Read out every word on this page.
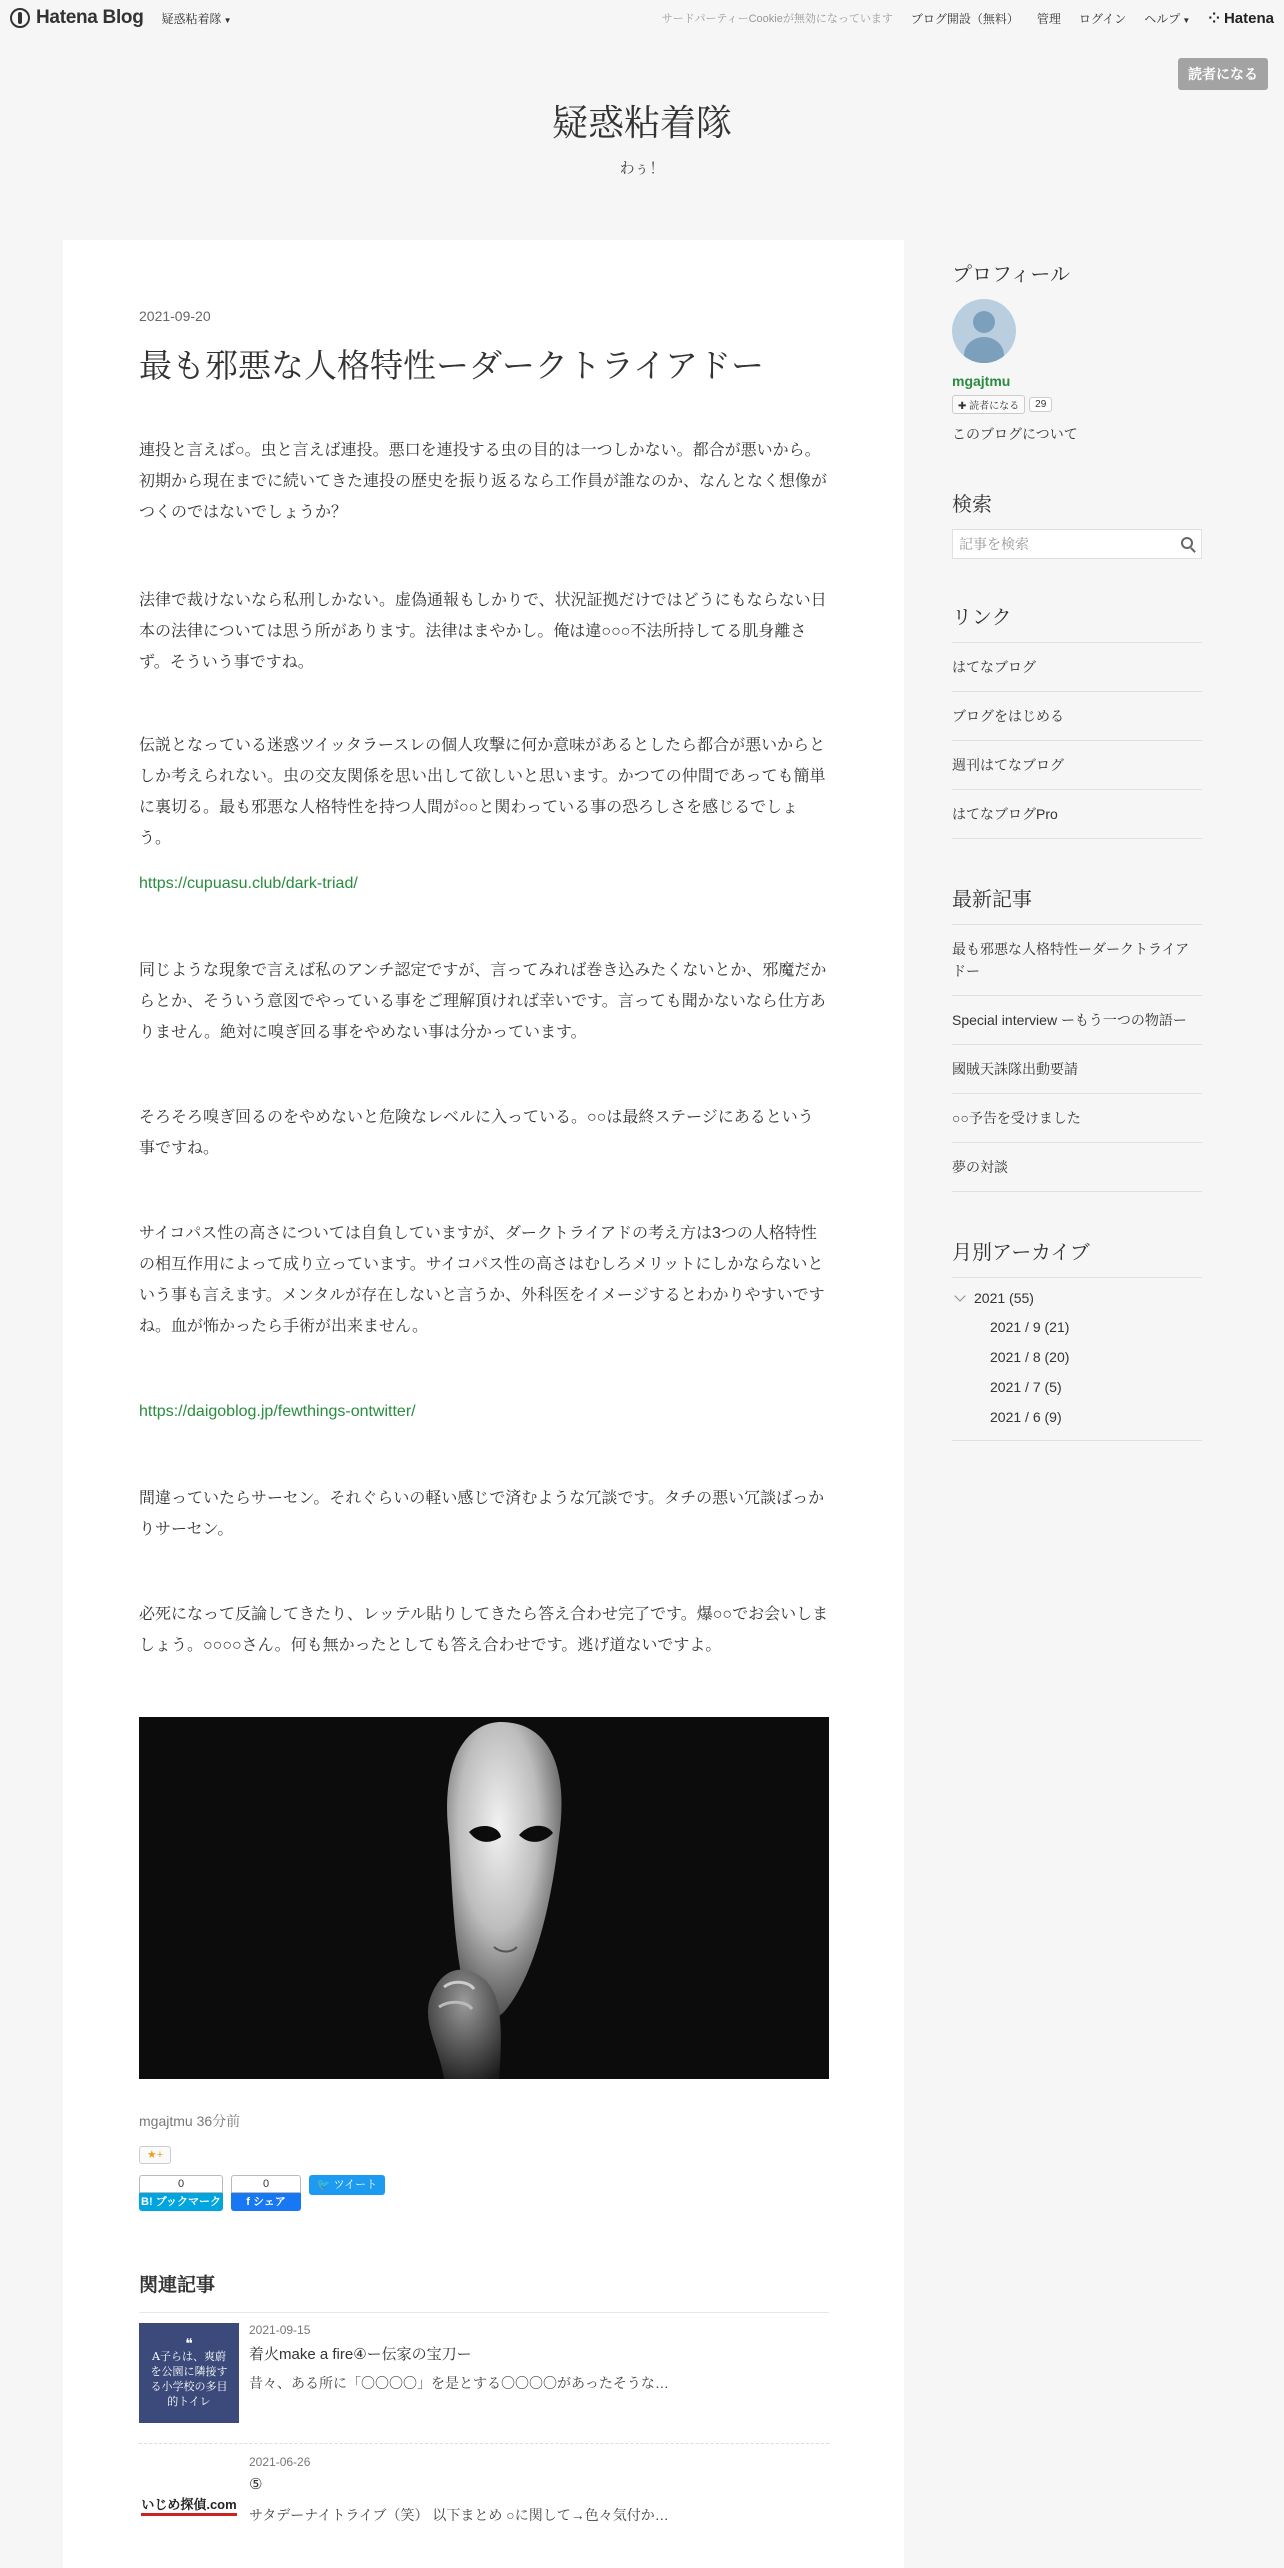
Hatena Blog 疑惑粘着隊 ▼	サードパーティーCookieが無効になっています ブログ開設（無料） 管理 ログイン ヘルプ ▼ ⁘ Hatena
読者になる
疑惑粘着隊
わぅ！
2021-09-20
最も邪悪な人格特性ーダークトライアドー

連投と言えば○。虫と言えば連投。悪口を連投する虫の目的は一つしかない。都合が悪いから。初期から現在までに続いてきた連投の歴史を振り返るなら工作員が誰なのか、なんとなく想像がつくのではないでしょうか？

法律で裁けないなら私刑しかない。虚偽通報もしかりで、状況証拠だけではどうにもならない日本の法律については思う所があります。法律はまやかし。俺は違○○○不法所持してる肌身離さず。そういう事ですね。

伝説となっている迷惑ツイッタラースレの個人攻撃に何か意味があるとしたら都合が悪いからとしか考えられない。虫の交友関係を思い出して欲しいと思います。かつての仲間であっても簡単に裏切る。最も邪悪な人格特性を持つ人間が○○と関わっている事の恐ろしさを感じるでしょう。

https://cupuasu.club/dark-triad/

同じような現象で言えば私のアンチ認定ですが、言ってみれば巻き込みたくないとか、邪魔だからとか、そういう意図でやっている事をご理解頂ければ幸いです。言っても聞かないなら仕方ありません。絶対に嗅ぎ回る事をやめない事は分かっています。

そろそろ嗅ぎ回るのをやめないと危険なレベルに入っている。○○は最終ステージにあるという事ですね。

サイコパス性の高さについては自負していますが、ダークトライアドの考え方は3つの人格特性の相互作用によって成り立っています。サイコパス性の高さはむしろメリットにしかならないという事も言えます。メンタルが存在しないと言うか、外科医をイメージするとわかりやすいですね。血が怖かったら手術が出来ません。

https://daigoblog.jp/fewthings-ontwitter/

間違っていたらサーセン。それぐらいの軽い感じで済むような冗談です。タチの悪い冗談ばっかりサーセン。

必死になって反論してきたり、レッテル貼りしてきたら答え合わせ完了です。爆○○でお会いしましょう。○○○○さん。何も無かったとしても答え合わせです。逃げ道ないですよ。

mgajtmu 36分前
★+
0
B! ブックマーク
0
f シェア
🐦 ツイート
関連記事
❝
A子らは、爽蔚を公園に隣接する小学校の多目的トイレ
2021-09-15
着火make a fire④ー伝家の宝刀ー
昔々、ある所に「〇〇〇〇」を是とする〇〇〇〇があったそうな…
いじめ探偵.com
2021-06-26
⑤
サタデーナイトライブ（笑） 以下まとめ ○に関して→色々気付か…
プロフィール
mgajtmu
✚ 読者になる	29
このブログについて
検索
記事を検索
リンク
はてなブログ
ブログをはじめる
週刊はてなブログ
はてなブログPro
最新記事
最も邪悪な人格特性ーダークトライアドー
Special interview ーもう一つの物語ー
國賊天誅隊出動要請
○○予告を受けました
夢の対談
月別アーカイブ
2021 (55)
2021 / 9 (21)
2021 / 8 (20)
2021 / 7 (5)
2021 / 6 (9)
